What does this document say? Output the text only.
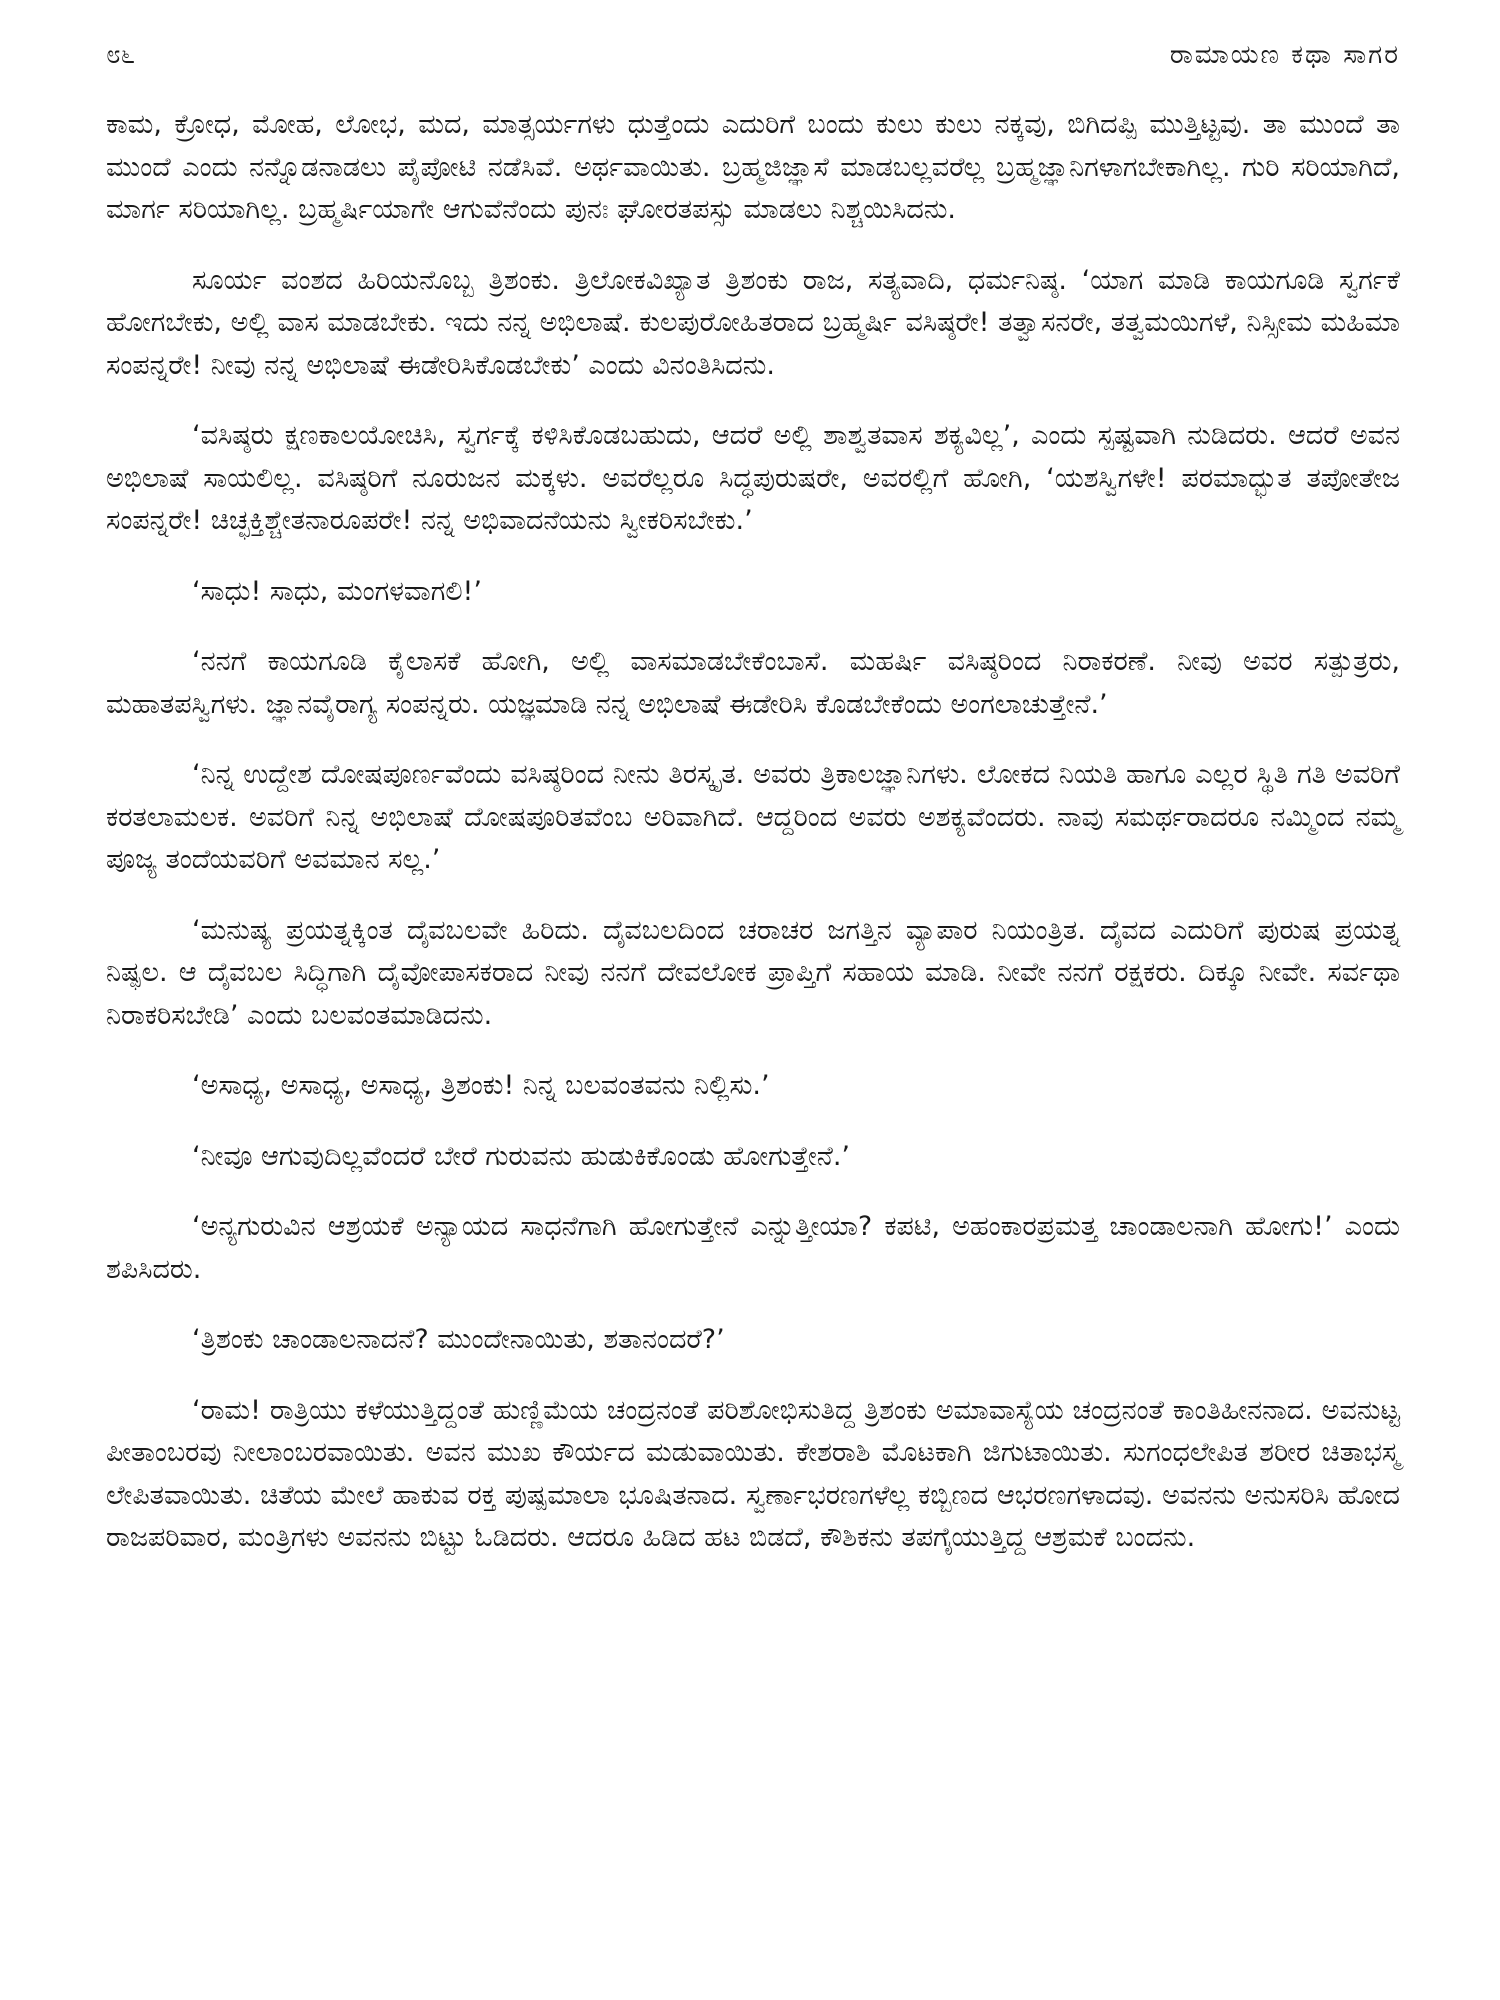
೮೬	ರಾಮಾಯಣ ಕಥಾ ಸಾಗರ

ಕಾಮ, ಕ್ರೋಧ, ಮೋಹ, ಲೋಭ, ಮದ, ಮಾತ್ಸರ್ಯಗಳು ಧುತ್ತೆಂದು ಎದುರಿಗೆ ಬಂದು ಕುಲು ಕುಲು ನಕ್ಕವು, ಬಿಗಿದಪ್ಪಿ ಮುತ್ತಿಟ್ಟವು. ತಾ ಮುಂದೆ ತಾ ಮುಂದೆ ಎಂದು ನನ್ನೊಡನಾಡಲು ಪೈಪೋಟಿ ನಡೆಸಿವೆ. ಅರ್ಥವಾಯಿತು. ಬ್ರಹ್ಮಜಿಜ್ಞಾಸೆ ಮಾಡಬಲ್ಲವರೆಲ್ಲ ಬ್ರಹ್ಮಜ್ಞಾನಿಗಳಾಗಬೇಕಾಗಿಲ್ಲ. ಗುರಿ ಸರಿಯಾಗಿದೆ, ಮಾರ್ಗ ಸರಿಯಾಗಿಲ್ಲ. ಬ್ರಹ್ಮರ್ಷಿಯಾಗೇ ಆಗುವೆನೆಂದು ಪುನಃ ಘೋರತಪಸ್ಸು ಮಾಡಲು ನಿಶ್ಚಯಿಸಿದನು.

ಸೂರ್ಯ ವಂಶದ ಹಿರಿಯನೊಬ್ಬ ತ್ರಿಶಂಕು. ತ್ರಿಲೋಕವಿಖ್ಯಾತ ತ್ರಿಶಂಕು ರಾಜ, ಸತ್ಯವಾದಿ, ಧರ್ಮನಿಷ್ಠ. ‘ಯಾಗ ಮಾಡಿ ಕಾಯಗೂಡಿ ಸ್ವರ್ಗಕೆ ಹೋಗಬೇಕು, ಅಲ್ಲಿ ವಾಸ ಮಾಡಬೇಕು. ಇದು ನನ್ನ ಅಭಿಲಾಷೆ. ಕುಲಪುರೋಹಿತರಾದ ಬ್ರಹ್ಮರ್ಷಿ ವಸಿಷ್ಠರೇ! ತತ್ವಾಸನರೇ, ತತ್ವಮಯಿಗಳೆ, ನಿಸ್ಸೀಮ ಮಹಿಮಾ ಸಂಪನ್ನರೇ! ನೀವು ನನ್ನ ಅಭಿಲಾಷೆ ಈಡೇರಿಸಿಕೊಡಬೇಕು’ ಎಂದು ವಿನಂತಿಸಿದನು.

‘ವಸಿಷ್ಠರು ಕ್ಷಣಕಾಲಯೋಚಿಸಿ, ಸ್ವರ್ಗಕ್ಕೆ ಕಳಿಸಿಕೊಡಬಹುದು, ಆದರೆ ಅಲ್ಲಿ ಶಾಶ್ವತವಾಸ ಶಕ್ಯವಿಲ್ಲ’, ಎಂದು ಸ್ಪಷ್ಟವಾಗಿ ನುಡಿದರು. ಆದರೆ ಅವನ ಅಭಿಲಾಷೆ ಸಾಯಲಿಲ್ಲ. ವಸಿಷ್ಠರಿಗೆ ನೂರುಜನ ಮಕ್ಕಳು. ಅವರೆಲ್ಲರೂ ಸಿದ್ಧಪುರುಷರೇ, ಅವರಲ್ಲಿಗೆ ಹೋಗಿ, ‘ಯಶಸ್ವಿಗಳೇ! ಪರಮಾದ್ಭುತ ತಪೋತೇಜ ಸಂಪನ್ನರೇ! ಚಿಚ್ಛಕ್ತಿಶ್ಚೇತನಾರೂಪರೇ! ನನ್ನ ಅಭಿವಾದನೆಯನು ಸ್ವೀಕರಿಸಬೇಕು.’

‘ಸಾಧು! ಸಾಧು, ಮಂಗಳವಾಗಲಿ!’

‘ನನಗೆ ಕಾಯಗೂಡಿ ಕೈಲಾಸಕೆ ಹೋಗಿ, ಅಲ್ಲಿ ವಾಸಮಾಡಬೇಕೆಂಬಾಸೆ. ಮಹರ್ಷಿ ವಸಿಷ್ಠರಿಂದ ನಿರಾಕರಣೆ. ನೀವು ಅವರ ಸತ್ಪುತ್ರರು, ಮಹಾತಪಸ್ವಿಗಳು. ಜ್ಞಾನವೈರಾಗ್ಯ ಸಂಪನ್ನರು. ಯಜ್ಞಮಾಡಿ ನನ್ನ ಅಭಿಲಾಷೆ ಈಡೇರಿಸಿ ಕೊಡಬೇಕೆಂದು ಅಂಗಲಾಚುತ್ತೇನೆ.’

‘ನಿನ್ನ ಉದ್ದೇಶ ದೋಷಪೂರ್ಣವೆಂದು ವಸಿಷ್ಠರಿಂದ ನೀನು ತಿರಸ್ಕೃತ. ಅವರು ತ್ರಿಕಾಲಜ್ಞಾನಿಗಳು. ಲೋಕದ ನಿಯತಿ ಹಾಗೂ ಎಲ್ಲರ ಸ್ಥಿತಿ ಗತಿ ಅವರಿಗೆ ಕರತಲಾಮಲಕ. ಅವರಿಗೆ ನಿನ್ನ ಅಭಿಲಾಷೆ ದೋಷಪೂರಿತವೆಂಬ ಅರಿವಾಗಿದೆ. ಆದ್ದರಿಂದ ಅವರು ಅಶಕ್ಯವೆಂದರು. ನಾವು ಸಮರ್ಥರಾದರೂ ನಮ್ಮಿಂದ ನಮ್ಮ ಪೂಜ್ಯ ತಂದೆಯವರಿಗೆ ಅವಮಾನ ಸಲ್ಲ.’

‘ಮನುಷ್ಯ ಪ್ರಯತ್ನಕ್ಕಿಂತ ದೈವಬಲವೇ ಹಿರಿದು. ದೈವಬಲದಿಂದ ಚರಾಚರ ಜಗತ್ತಿನ ವ್ಯಾಪಾರ ನಿಯಂತ್ರಿತ. ದೈವದ ಎದುರಿಗೆ ಪುರುಷ ಪ್ರಯತ್ನ ನಿಷ್ಫಲ. ಆ ದೈವಬಲ ಸಿದ್ಧಿಗಾಗಿ ದೈವೋಪಾಸಕರಾದ ನೀವು ನನಗೆ ದೇವಲೋಕ ಪ್ರಾಪ್ತಿಗೆ ಸಹಾಯ ಮಾಡಿ. ನೀವೇ ನನಗೆ ರಕ್ಷಕರು. ದಿಕ್ಕೂ ನೀವೇ. ಸರ್ವಥಾ ನಿರಾಕರಿಸಬೇಡಿ’ ಎಂದು ಬಲವಂತಮಾಡಿದನು.

‘ಅಸಾಧ್ಯ, ಅಸಾಧ್ಯ, ಅಸಾಧ್ಯ, ತ್ರಿಶಂಕು! ನಿನ್ನ ಬಲವಂತವನು ನಿಲ್ಲಿಸು.’

‘ನೀವೂ ಆಗುವುದಿಲ್ಲವೆಂದರೆ ಬೇರೆ ಗುರುವನು ಹುಡುಕಿಕೊಂಡು ಹೋಗುತ್ತೇನೆ.’

‘ಅನ್ಯಗುರುವಿನ ಆಶ್ರಯಕೆ ಅನ್ಯಾಯದ ಸಾಧನೆಗಾಗಿ ಹೋಗುತ್ತೇನೆ ಎನ್ನುತ್ತೀಯಾ? ಕಪಟಿ, ಅಹಂಕಾರಪ್ರಮತ್ತ ಚಾಂಡಾಲನಾಗಿ ಹೋಗು!’ ಎಂದು ಶಪಿಸಿದರು.

‘ತ್ರಿಶಂಕು ಚಾಂಡಾಲನಾದನೆ? ಮುಂದೇನಾಯಿತು, ಶತಾನಂದರೆ?’

‘ರಾಮ! ರಾತ್ರಿಯು ಕಳೆಯುತ್ತಿದ್ದಂತೆ ಹುಣ್ಣಿಮೆಯ ಚಂದ್ರನಂತೆ ಪರಿಶೋಭಿಸುತಿದ್ದ ತ್ರಿಶಂಕು ಅಮಾವಾಸ್ಯೆಯ ಚಂದ್ರನಂತೆ ಕಾಂತಿಹೀನನಾದ. ಅವನುಟ್ಟ ಪೀತಾಂಬರವು ನೀಲಾಂಬರವಾಯಿತು. ಅವನ ಮುಖ ಕೌರ್ಯದ ಮಡುವಾಯಿತು. ಕೇಶರಾಶಿ ಮೊಟಕಾಗಿ ಜಿಗುಟಾಯಿತು. ಸುಗಂಧಲೇಪಿತ ಶರೀರ ಚಿತಾಭಸ್ಮ ಲೇಪಿತವಾಯಿತು. ಚಿತೆಯ ಮೇಲೆ ಹಾಕುವ ರಕ್ತ ಪುಷ್ಪಮಾಲಾ ಭೂಷಿತನಾದ. ಸ್ವರ್ಣಾಭರಣಗಳೆಲ್ಲ ಕಬ್ಬಿಣದ ಆಭರಣಗಳಾದವು. ಅವನನು ಅನುಸರಿಸಿ ಹೋದ ರಾಜಪರಿವಾರ, ಮಂತ್ರಿಗಳು ಅವನನು ಬಿಟ್ಟು ಓಡಿದರು. ಆದರೂ ಹಿಡಿದ ಹಟ ಬಿಡದೆ, ಕೌಶಿಕನು ತಪಗೈಯುತ್ತಿದ್ದ ಆಶ್ರಮಕೆ ಬಂದನು.
